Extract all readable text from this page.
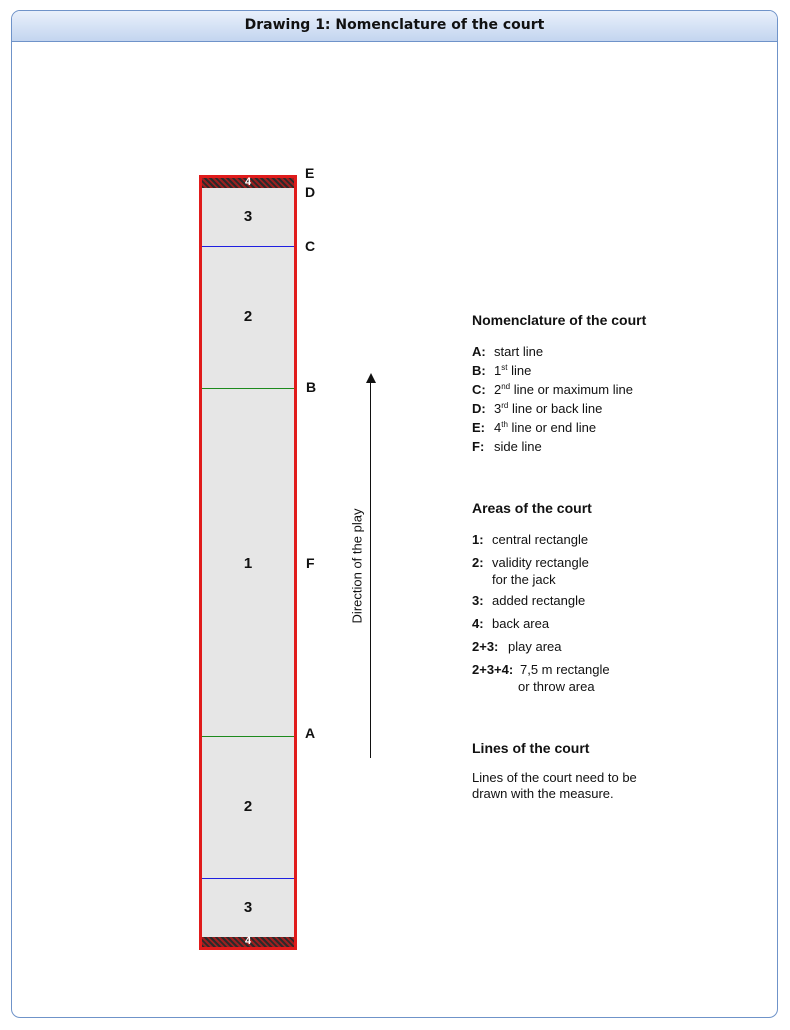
Drawing 1: Nomenclature of the court
4
3
2
1
2
3
4
E
D
C
B
F
A
Direction of the play
Nomenclature of the court
A: start line
B: 1st line
C: 2nd line or maximum line
D: 3rd line or back line
E: 4th line or end line
F: side line
Areas of the court
1: central rectangle
2: validity rectangle
for the jack
3: added rectangle
4: back area
2+3: play area
2+3+4: 7,5 m rectangle
or throw area
Lines of the court
Lines of the court need to be
drawn with the measure.
